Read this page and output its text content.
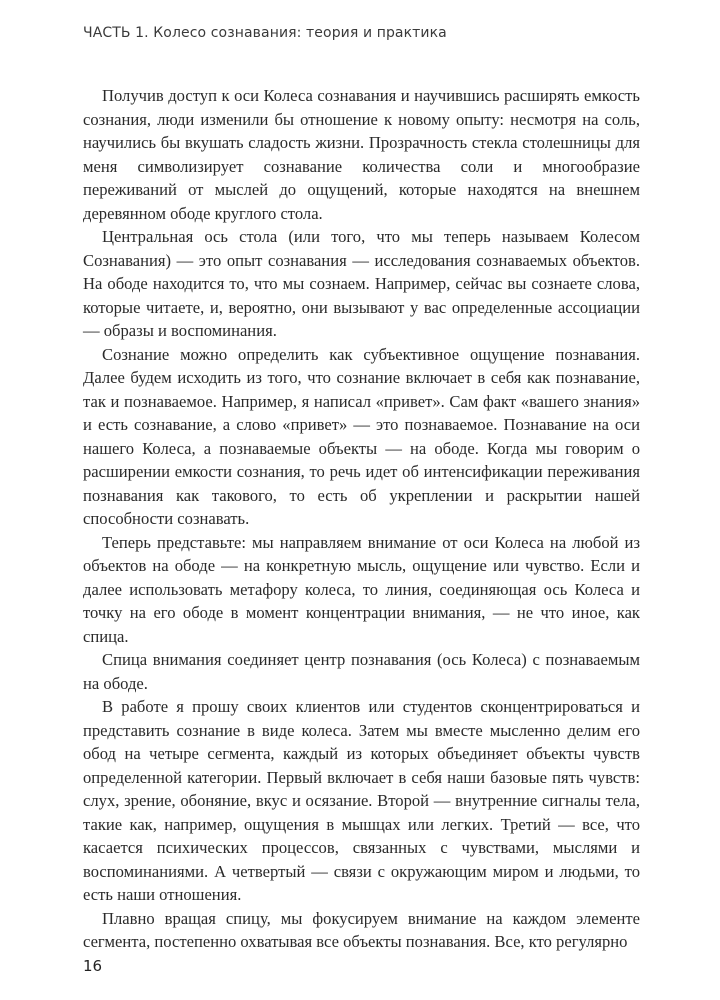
ЧАСТЬ 1. Колесо сознавания: теория и практика

Получив доступ к оси Колеса сознавания и научившись расширять емкость сознания, люди изменили бы отношение к новому опыту: несмотря на соль, научились бы вкушать сладость жизни. Прозрачность стекла столешницы для меня символизирует сознавание количества соли и многообразие переживаний от мыслей до ощущений, которые находятся на внешнем деревянном ободе круглого стола.

Центральная ось стола (или того, что мы теперь называем Колесом Сознавания) — это опыт сознавания — исследования сознаваемых объектов. На ободе находится то, что мы сознаем. Например, сейчас вы сознаете слова, которые читаете, и, вероятно, они вызывают у вас определенные ассоциации — образы и воспоминания.

Сознание можно определить как субъективное ощущение познавания. Далее будем исходить из того, что сознание включает в себя как познавание, так и познаваемое. Например, я написал «привет». Сам факт «вашего знания» и есть сознавание, а слово «привет» — это познаваемое. Познавание на оси нашего Колеса, а познаваемые объекты — на ободе. Когда мы говорим о расширении емкости сознания, то речь идет об интенсификации переживания познавания как такового, то есть об укреплении и раскрытии нашей способности сознавать.

Теперь представьте: мы направляем внимание от оси Колеса на любой из объектов на ободе — на конкретную мысль, ощущение или чувство. Если и далее использовать метафору колеса, то линия, соединяющая ось Колеса и точку на его ободе в момент концентрации внимания, — не что иное, как спица.

Спица внимания соединяет центр познавания (ось Колеса) с познаваемым на ободе.

В работе я прошу своих клиентов или студентов сконцентрироваться и представить сознание в виде колеса. Затем мы вместе мысленно делим его обод на четыре сегмента, каждый из которых объединяет объекты чувств определенной категории. Первый включает в себя наши базовые пять чувств: слух, зрение, обоняние, вкус и осязание. Второй — внутренние сигналы тела, такие как, например, ощущения в мышцах или легких. Третий — все, что касается психических процессов, связанных с чувствами, мыслями и воспоминаниями. А четвертый — связи с окружающим миром и людьми, то есть наши отношения.

Плавно вращая спицу, мы фокусируем внимание на каждом элементе сегмента, постепенно охватывая все объекты познавания. Все, кто регулярно

16
